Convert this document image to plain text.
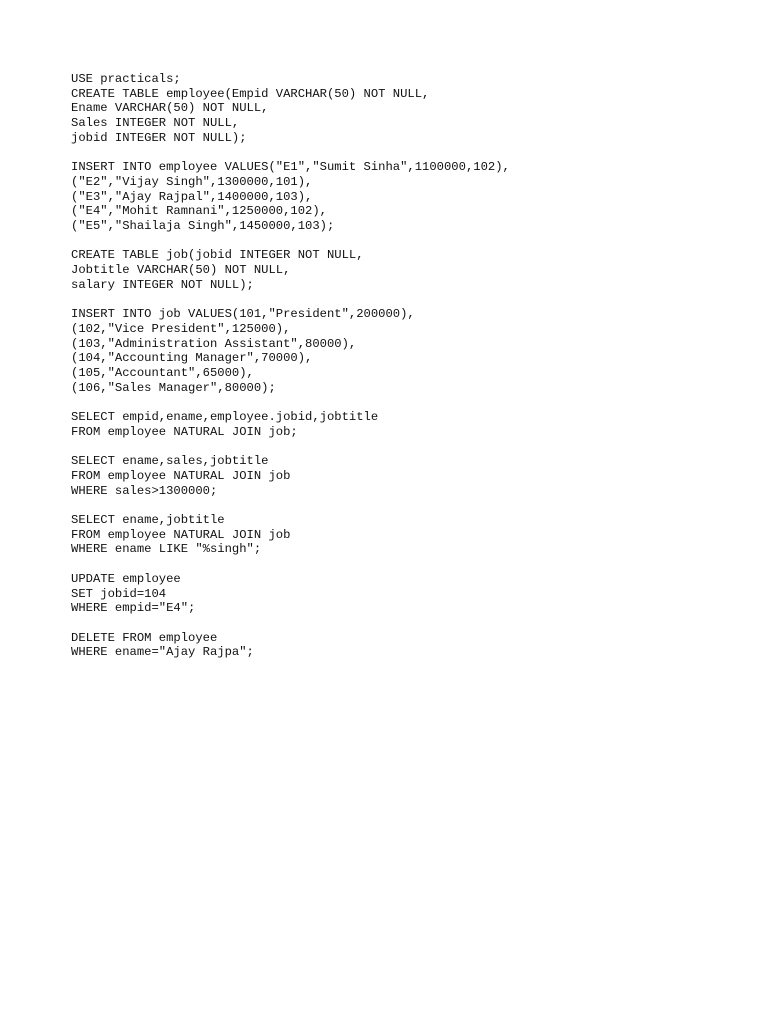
USE practicals;
CREATE TABLE employee(Empid VARCHAR(50) NOT NULL,
Ename VARCHAR(50) NOT NULL,
Sales INTEGER NOT NULL,
jobid INTEGER NOT NULL);
INSERT INTO employee VALUES("E1","Sumit Sinha",1100000,102),
("E2","Vijay Singh",1300000,101),
("E3","Ajay Rajpal",1400000,103),
("E4","Mohit Ramnani",1250000,102),
("E5","Shailaja Singh",1450000,103);
CREATE TABLE job(jobid INTEGER NOT NULL,
Jobtitle VARCHAR(50) NOT NULL,
salary INTEGER NOT NULL);
INSERT INTO job VALUES(101,"President",200000),
(102,"Vice President",125000),
(103,"Administration Assistant",80000),
(104,"Accounting Manager",70000),
(105,"Accountant",65000),
(106,"Sales Manager",80000);
SELECT empid,ename,employee.jobid,jobtitle
FROM employee NATURAL JOIN job;
SELECT ename,sales,jobtitle
FROM employee NATURAL JOIN job
WHERE sales>1300000;
SELECT ename,jobtitle
FROM employee NATURAL JOIN job
WHERE ename LIKE "%singh";
UPDATE employee
SET jobid=104
WHERE empid="E4";
DELETE FROM employee
WHERE ename="Ajay Rajpa";
